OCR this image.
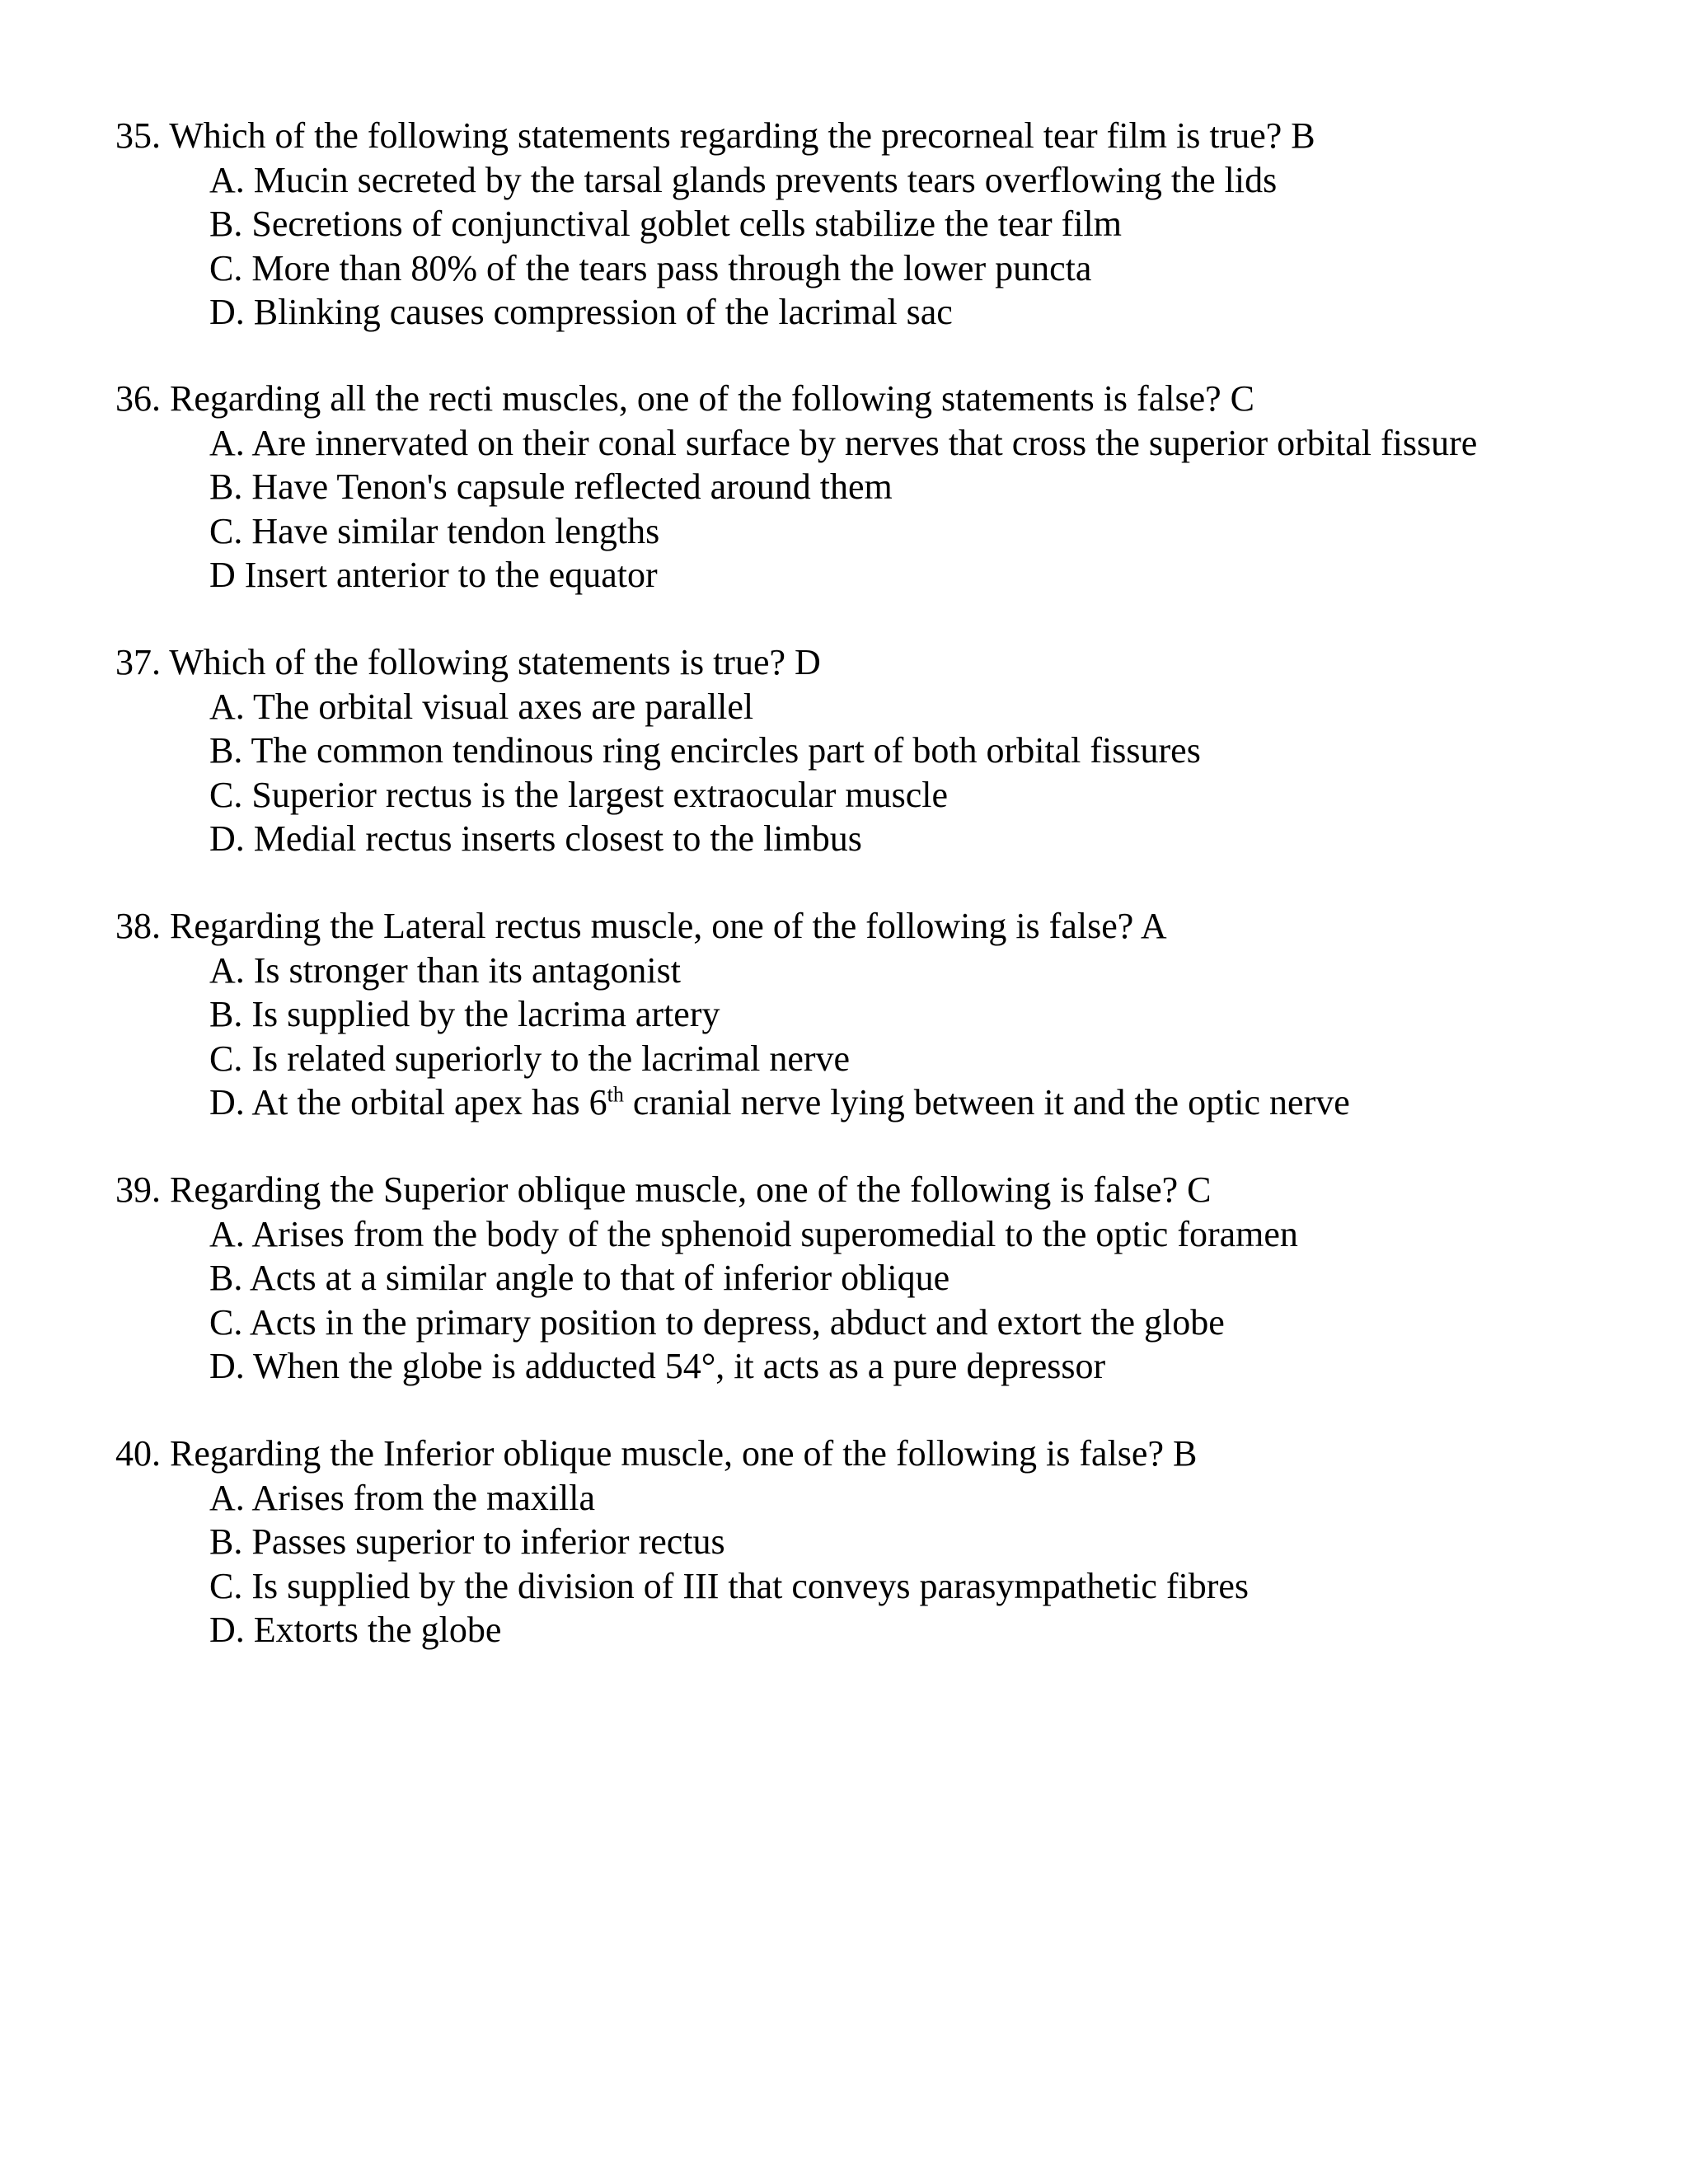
35. Which of the following statements regarding the precorneal tear film is true? B
A. Mucin secreted by the tarsal glands prevents tears overflowing the lids
B. Secretions of conjunctival goblet cells stabilize the tear film
C. More than 80% of the tears pass through the lower puncta
D. Blinking causes compression of the lacrimal sac
36. Regarding all the recti muscles, one of the following statements is false? C
A. Are innervated on their conal surface by nerves that cross the superior orbital fissure
B. Have Tenon's capsule reflected around them
C. Have similar tendon lengths
D Insert anterior to the equator
37. Which of the following statements is true? D
A. The orbital visual axes are parallel
B. The common tendinous ring encircles part of both orbital fissures
C. Superior rectus is the largest extraocular muscle
D. Medial rectus inserts closest to the limbus
38. Regarding the Lateral rectus muscle, one of the following is false? A
A. Is stronger than its antagonist
B. Is supplied by the lacrima artery
C. Is related superiorly to the lacrimal nerve
D. At the orbital apex has 6th cranial nerve lying between it and the optic nerve
39. Regarding the Superior oblique muscle, one of the following is false? C
A. Arises from the body of the sphenoid superomedial to the optic foramen
B. Acts at a similar angle to that of inferior oblique
C. Acts in the primary position to depress, abduct and extort the globe
D. When the globe is adducted 54°, it acts as a pure depressor
40. Regarding the Inferior oblique muscle, one of the following is false? B
A. Arises from the maxilla
B. Passes superior to inferior rectus
C. Is supplied by the division of III that conveys parasympathetic fibres
D. Extorts the globe
